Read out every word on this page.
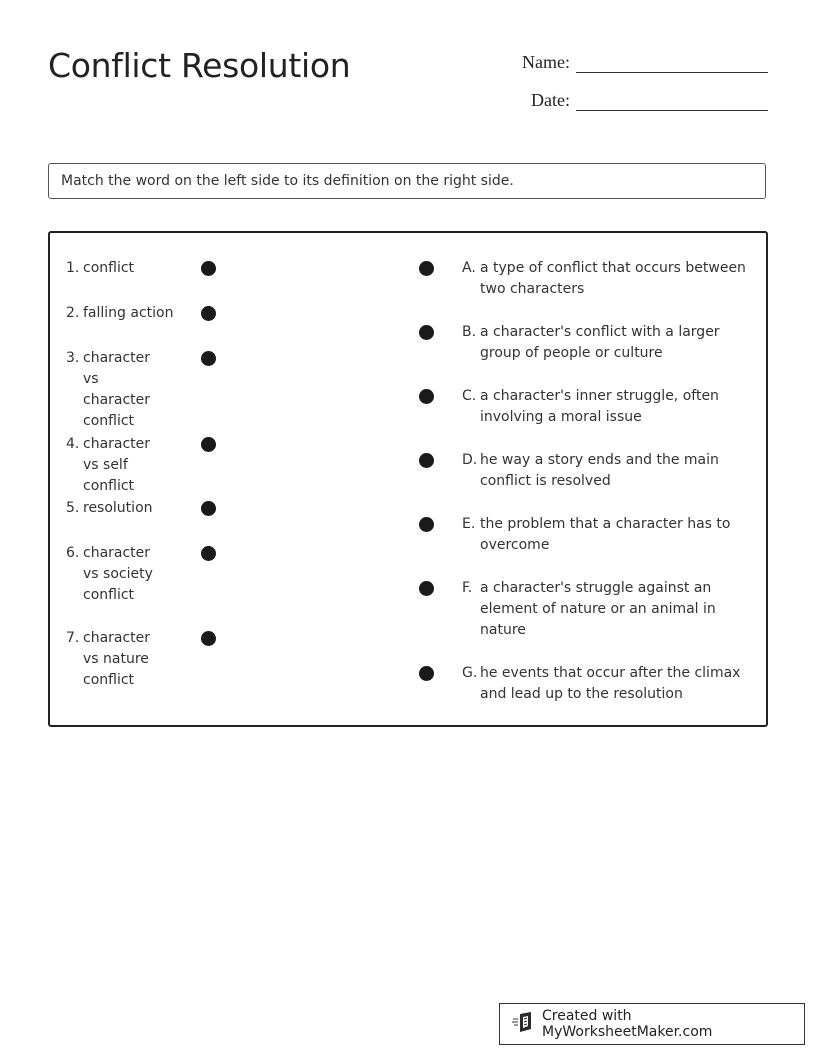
Conflict Resolution	Name:
Date:
Match the word on the left side to its definition on the right side.
1. conflict
2. falling action
3. character vs character conflict
4. character vs self conflict
5. resolution
6. character vs society conflict
7. character vs nature conflict
A. a type of conflict that occurs between two characters
B. a character's conflict with a larger group of people or culture
C. a character's inner struggle, often involving a moral issue
D. he way a story ends and the main conflict is resolved
E. the problem that a character has to overcome
F. a character's struggle against an element of nature or an animal in nature
G. he events that occur after the climax and lead up to the resolution
Created with MyWorksheetMaker.com
